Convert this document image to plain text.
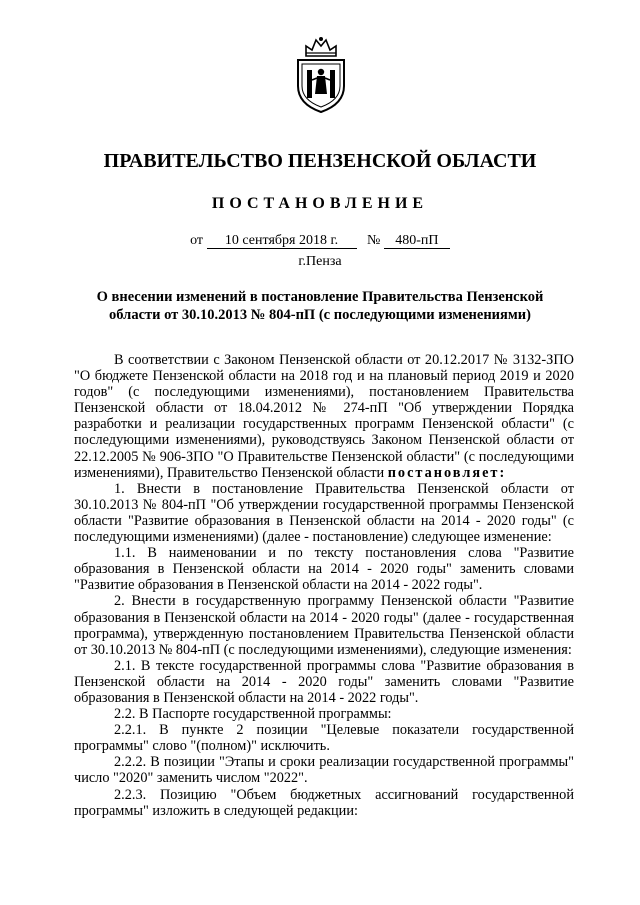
ПРАВИТЕЛЬСТВО ПЕНЗЕНСКОЙ ОБЛАСТИ
ПОСТАНОВЛЕНИЕ
от 10 сентября 2018 г. № 480-пП
г.Пенза
О внесении изменений в постановление Правительства Пензенской области от 30.10.2013 № 804-пП (с последующими изменениями)

В соответствии с Законом Пензенской области от 20.12.2017 № 3132-ЗПО "О бюджете Пензенской области на 2018 год и на плановый период 2019 и 2020 годов" (с последующими изменениями), постановлением Правительства Пензенской области от 18.04.2012 № 274-пП "Об утверждении Порядка разработки и реализации государственных программ Пензенской области" (с последующими изменениями), руководствуясь Законом Пензенской области от 22.12.2005 № 906-ЗПО "О Правительстве Пензенской области" (с последующими изменениями), Правительство Пензенской области постановляет:

1. Внести в постановление Правительства Пензенской области от 30.10.2013 № 804-пП "Об утверждении государственной программы Пензенской области "Развитие образования в Пензенской области на 2014 - 2020 годы" (с последующими изменениями) (далее - постановление) следующее изменение:

1.1. В наименовании и по тексту постановления слова "Развитие образования в Пензенской области на 2014 - 2020 годы" заменить словами "Развитие образования в Пензенской области на 2014 - 2022 годы".

2. Внести в государственную программу Пензенской области "Развитие образования в Пензенской области на 2014 - 2020 годы" (далее - государственная программа), утвержденную постановлением Правительства Пензенской области от 30.10.2013 № 804-пП (с последующими изменениями), следующие изменения:

2.1. В тексте государственной программы слова "Развитие образования в Пензенской области на 2014 - 2020 годы" заменить словами "Развитие образования в Пензенской области на 2014 - 2022 годы".

2.2. В Паспорте государственной программы:

2.2.1. В пункте 2 позиции "Целевые показатели государственной программы" слово "(полном)" исключить.

2.2.2. В позиции "Этапы и сроки реализации государственной программы" число "2020" заменить числом "2022".

2.2.3. Позицию "Объем бюджетных ассигнований государственной программы" изложить в следующей редакции:
